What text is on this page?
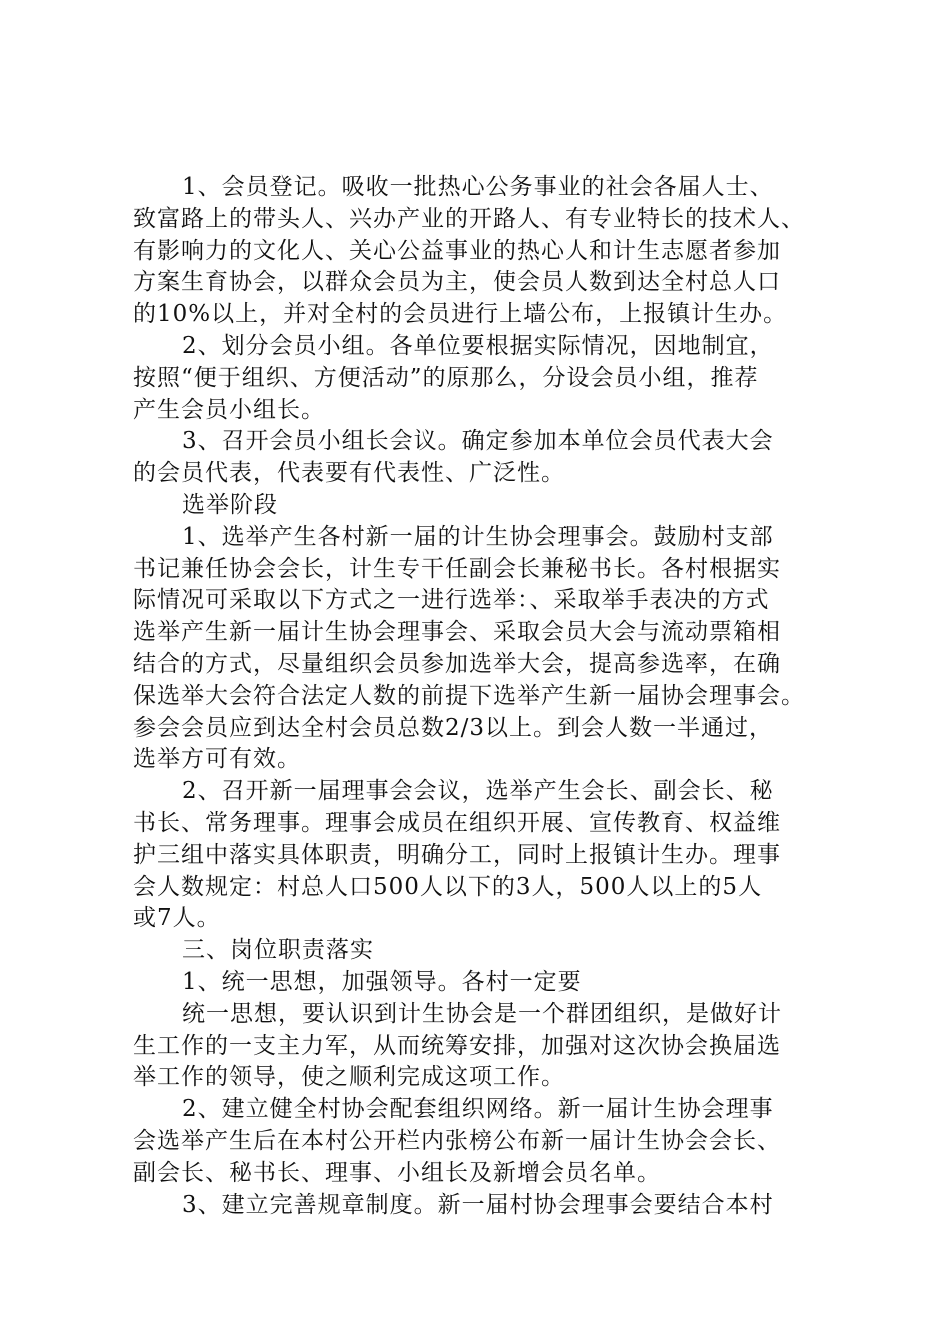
1、会员登记。吸收一批热心公务事业的社会各届人士、
致富路上的带头人、兴办产业的开路人、有专业特长的技术人、
有影响力的文化人、关心公益事业的热心人和计生志愿者参加
方案生育协会，以群众会员为主，使会员人数到达全村总人口
的10%以上，并对全村的会员进行上墙公布，上报镇计生办。
2、划分会员小组。各单位要根据实际情况，因地制宜，
按照“便于组织、方便活动”的原那么，分设会员小组，推荐
产生会员小组长。
3、召开会员小组长会议。确定参加本单位会员代表大会
的会员代表，代表要有代表性、广泛性。
选举阶段
1、选举产生各村新一届的计生协会理事会。鼓励村支部
书记兼任协会会长，计生专干任副会长兼秘书长。各村根据实
际情况可采取以下方式之一进行选举：、采取举手表决的方式
选举产生新一届计生协会理事会、采取会员大会与流动票箱相
结合的方式，尽量组织会员参加选举大会，提高参选率，在确
保选举大会符合法定人数的前提下选举产生新一届协会理事会。
参会会员应到达全村会员总数2/3以上。到会人数一半通过，
选举方可有效。
2、召开新一届理事会会议，选举产生会长、副会长、秘
书长、常务理事。理事会成员在组织开展、宣传教育、权益维
护三组中落实具体职责，明确分工，同时上报镇计生办。理事
会人数规定：村总人口500人以下的3人，500人以上的5人
或7人。
三、岗位职责落实
1、统一思想，加强领导。各村一定要
统一思想，要认识到计生协会是一个群团组织，是做好计
生工作的一支主力军，从而统筹安排，加强对这次协会换届选
举工作的领导，使之顺利完成这项工作。
2、建立健全村协会配套组织网络。新一届计生协会理事
会选举产生后在本村公开栏内张榜公布新一届计生协会会长、
副会长、秘书长、理事、小组长及新增会员名单。
3、建立完善规章制度。新一届村协会理事会要结合本村
